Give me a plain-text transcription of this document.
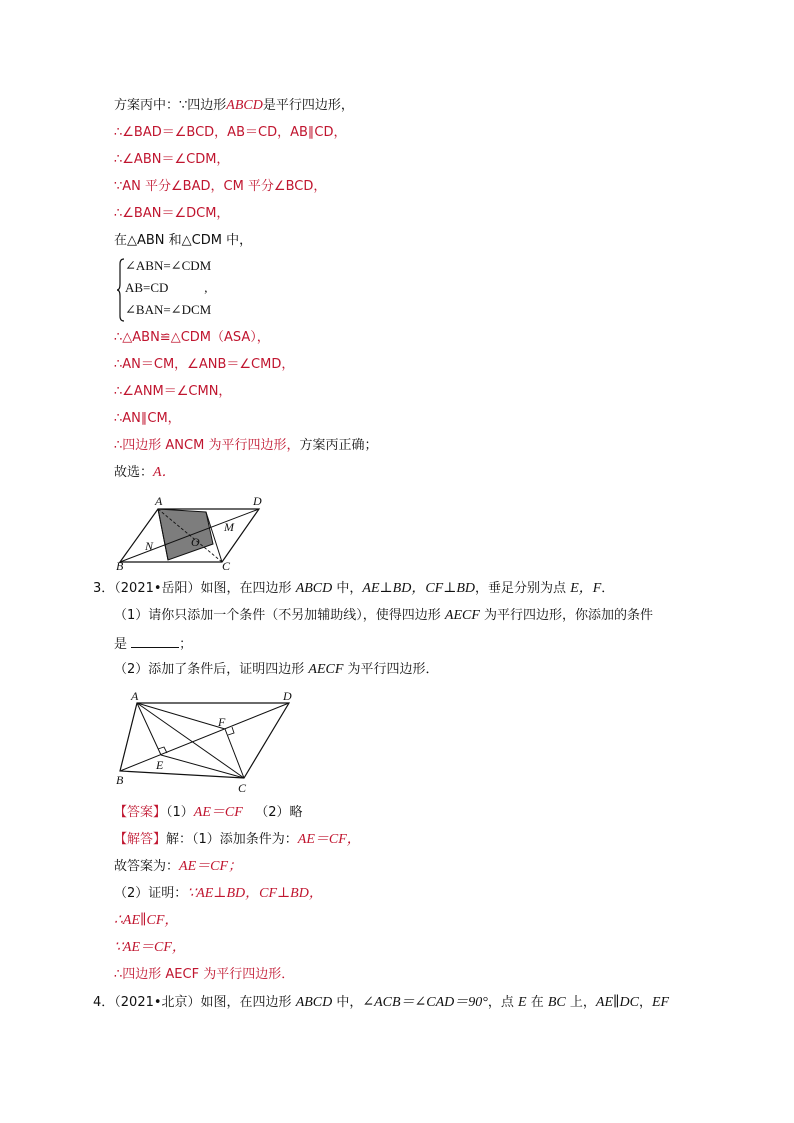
方案丙中：∵四边形ABCD是平行四边形，
∴∠BAD＝∠BCD，AB＝CD，AB∥CD，
∴∠ABN＝∠CDM，
∵AN 平分∠BAD，CM 平分∠BCD，
∴∠BAN＝∠DCM，
在△ABN 和△CDM 中，
∠ABN=∠CDM
AB=CD           ,
∠BAN=∠DCM
∴△ABN≌△CDM（ASA），
∴AN＝CM，∠ANB＝∠CMD，
∴∠ANM＝∠CMN，
∴AN∥CM，
∴四边形 ANCM 为平行四边形，方案丙正确；
故选：A．
A	D
M
O
N
B	C
3．（2021•岳阳）如图，在四边形 ABCD 中，AE⊥BD，CF⊥BD，垂足分别为点 E，F．
（1）请你只添加一个条件（不另加辅助线），使得四边形 AECF 为平行四边形，你添加的条件
是	；
（2）添加了条件后，证明四边形 AECF 为平行四边形．
A	D
F
E
B
C
【答案】（1）AE＝CF （2）略
【解答】解：（1）添加条件为：AE＝CF，
故答案为：AE＝CF；
（2）证明：∵AE⊥BD，CF⊥BD，
∴AE∥CF，
∵AE＝CF，
∴四边形 AECF 为平行四边形．
4．（2021•北京）如图，在四边形 ABCD 中，∠ACB＝∠CAD＝90°，点 E 在 BC 上，AE∥DC，EF
